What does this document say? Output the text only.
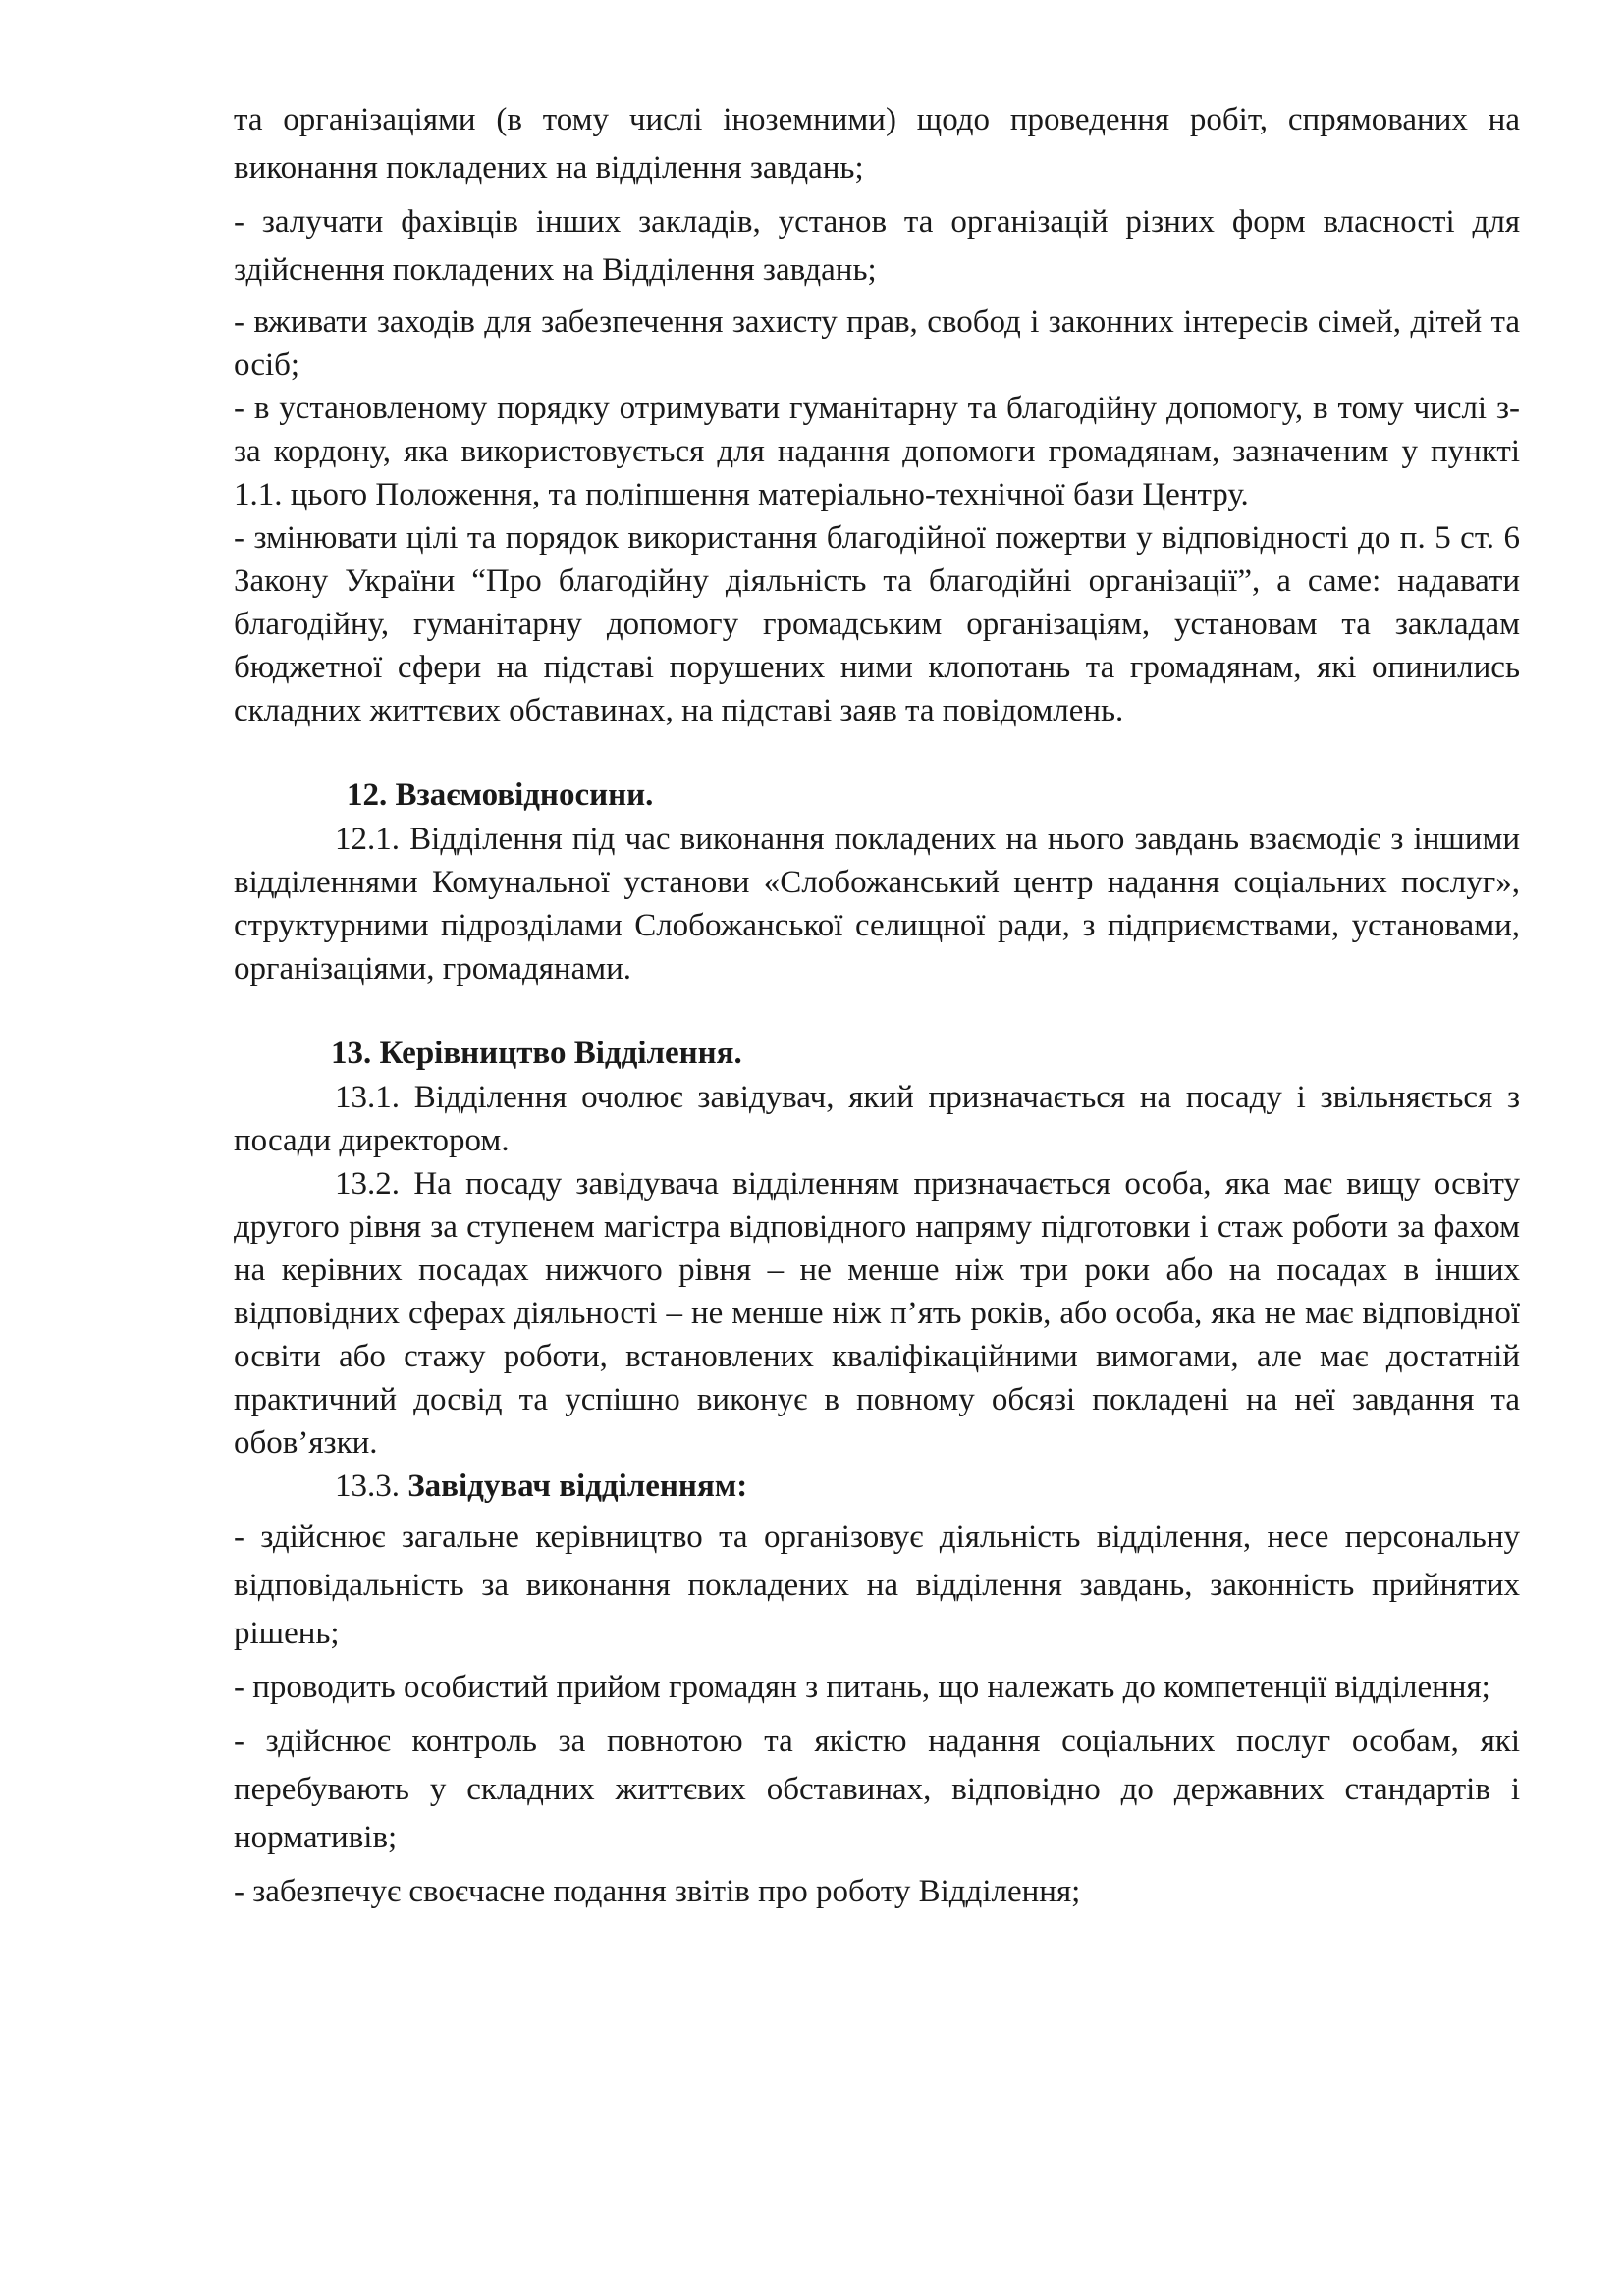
та організаціями (в тому числі іноземними) щодо проведення робіт, спрямованих на виконання покладених на відділення завдань;

- залучати фахівців інших закладів, установ та організацій різних форм власності для здійснення покладених на Відділення завдань;

- вживати заходів для забезпечення захисту прав, свобод і законних інтересів сімей, дітей та осіб;

- в установленому порядку отримувати гуманітарну та благодійну допомогу, в тому числі з-за кордону, яка використовується для надання допомоги громадянам, зазначеним у пункті 1.1. цього Положення, та поліпшення матеріально-технічної бази Центру.

- змінювати цілі та порядок використання благодійної пожертви у відповідності до п. 5 ст. 6 Закону України “Про благодійну діяльність та благодійні організації”, а саме: надавати благодійну, гуманітарну допомогу громадським організаціям, установам та закладам бюджетної сфери на підставі порушених ними клопотань та громадянам, які опинились складних життєвих обставинах, на підставі заяв та повідомлень.

12. Взаємовідносини.

12.1. Відділення під час виконання покладених на нього завдань взаємодіє з іншими відділеннями Комунальної установи «Слобожанський центр надання соціальних послуг», структурними підрозділами Слобожанської селищної ради, з підприємствами, установами, організаціями, громадянами.

13. Керівництво Відділення.

13.1. Відділення очолює завідувач, який призначається на посаду і звільняється з посади директором.

13.2. На посаду завідувача відділенням призначається особа, яка має вищу освіту другого рівня за ступенем магістра відповідного напряму підготовки і стаж роботи за фахом на керівних посадах нижчого рівня – не менше ніж три роки або на посадах в інших відповідних сферах діяльності – не менше ніж п’ять років, або особа, яка не має відповідної освіти або стажу роботи, встановлених кваліфікаційними вимогами, але має достатній практичний досвід та успішно виконує в повному обсязі покладені на неї завдання та обов’язки.

13.3. Завідувач відділенням:

- здійснює загальне керівництво та організовує діяльність відділення, несе персональну відповідальність за виконання покладених на відділення завдань, законність прийнятих рішень;

- проводить особистий прийом громадян з питань, що належать до компетенції відділення;

- здійснює контроль за повнотою та якістю надання соціальних послуг особам, які перебувають у складних життєвих обставинах, відповідно до державних стандартів і нормативів;

- забезпечує своєчасне подання звітів про роботу Відділення;
